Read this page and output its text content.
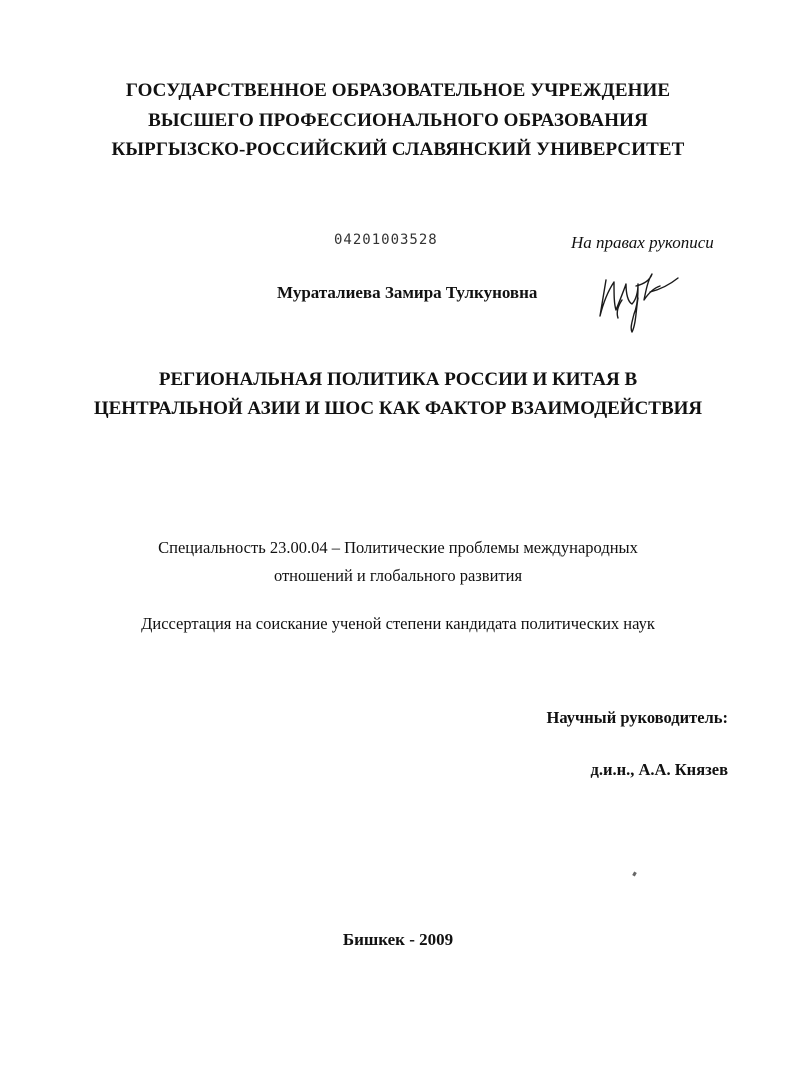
ГОСУДАРСТВЕННОЕ ОБРАЗОВАТЕЛЬНОЕ УЧРЕЖДЕНИЕ
ВЫСШЕГО ПРОФЕССИОНАЛЬНОГО ОБРАЗОВАНИЯ
КЫРГЫЗСКО-РОССИЙСКИЙ СЛАВЯНСКИЙ УНИВЕРСИТЕТ
04201003528	На правах рукописи
Мураталиева Замира Тулкуновна
РЕГИОНАЛЬНАЯ ПОЛИТИКА РОССИИ И КИТАЯ В
ЦЕНТРАЛЬНОЙ АЗИИ И ШОС КАК ФАКТОР ВЗАИМОДЕЙСТВИЯ
Специальность 23.00.04 – Политические проблемы международных
отношений и глобального развития
Диссертация на соискание ученой степени кандидата политических наук
Научный руководитель:
д.и.н., А.А. Князев
Бишкек - 2009
